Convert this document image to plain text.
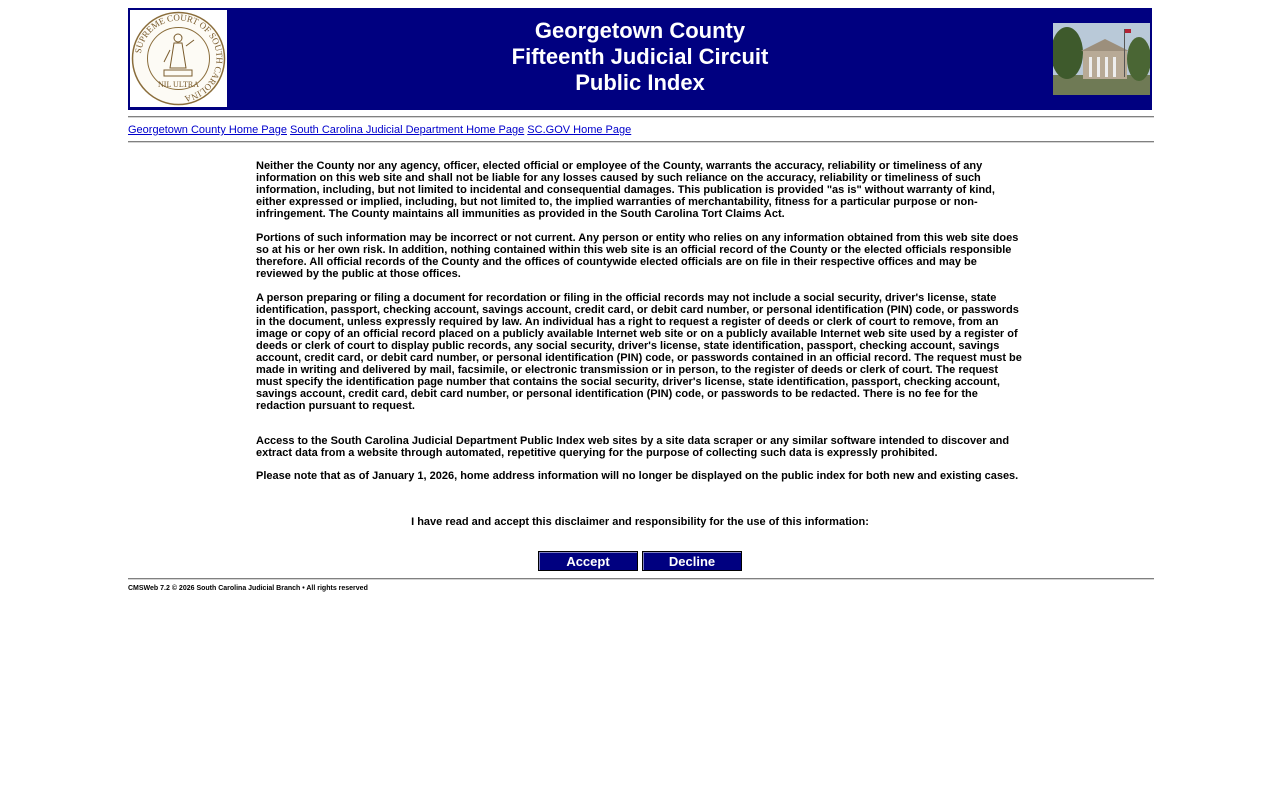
SUPREME COURT OF SOUTH CAROLINA
NIL ULTRA
Georgetown County
Fifteenth Judicial Circuit
Public Index
Georgetown County Home Page South Carolina Judicial Department Home Page SC.GOV Home Page

Neither the County nor any agency, officer, elected official or employee of the County, warrants the accuracy, reliability or timeliness of any information on this web site and shall not be liable for any losses caused by such reliance on the accuracy, reliability or timeliness of such information, including, but not limited to incidental and consequential damages. This publication is provided "as is" without warranty of kind, either expressed or implied, including, but not limited to, the implied warranties of merchantability, fitness for a particular purpose or non-infringement. The County maintains all immunities as provided in the South Carolina Tort Claims Act.

Portions of such information may be incorrect or not current. Any person or entity who relies on any information obtained from this web site does so at his or her own risk. In addition, nothing contained within this web site is an official record of the County or the elected officials responsible therefore. All official records of the County and the offices of countywide elected officials are on file in their respective offices and may be reviewed by the public at those offices.

A person preparing or filing a document for recordation or filing in the official records may not include a social security, driver's license, state identification, passport, checking account, savings account, credit card, or debit card number, or personal identification (PIN) code, or passwords in the document, unless expressly required by law. An individual has a right to request a register of deeds or clerk of court to remove, from an image or copy of an official record placed on a publicly available Internet web site or on a publicly available Internet web site used by a register of deeds or clerk of court to display public records, any social security, driver's license, state identification, passport, checking account, savings account, credit card, or debit card number, or personal identification (PIN) code, or passwords contained in an official record. The request must be made in writing and delivered by mail, facsimile, or electronic transmission or in person, to the register of deeds or clerk of court. The request must specify the identification page number that contains the social security, driver's license, state identification, passport, checking account, savings account, credit card, debit card number, or personal identification (PIN) code, or passwords to be redacted. There is no fee for the redaction pursuant to request.

Access to the South Carolina Judicial Department Public Index web sites by a site data scraper or any similar software intended to discover and extract data from a website through automated, repetitive querying for the purpose of collecting such data is expressly prohibited.

Please note that as of January 1, 2026, home address information will no longer be displayed on the public index for both new and existing cases.

I have read and accept this disclaimer and responsibility for the use of this information:
Accept	Decline
CMSWeb 7.2 © 2026 South Carolina Judicial Branch • All rights reserved
